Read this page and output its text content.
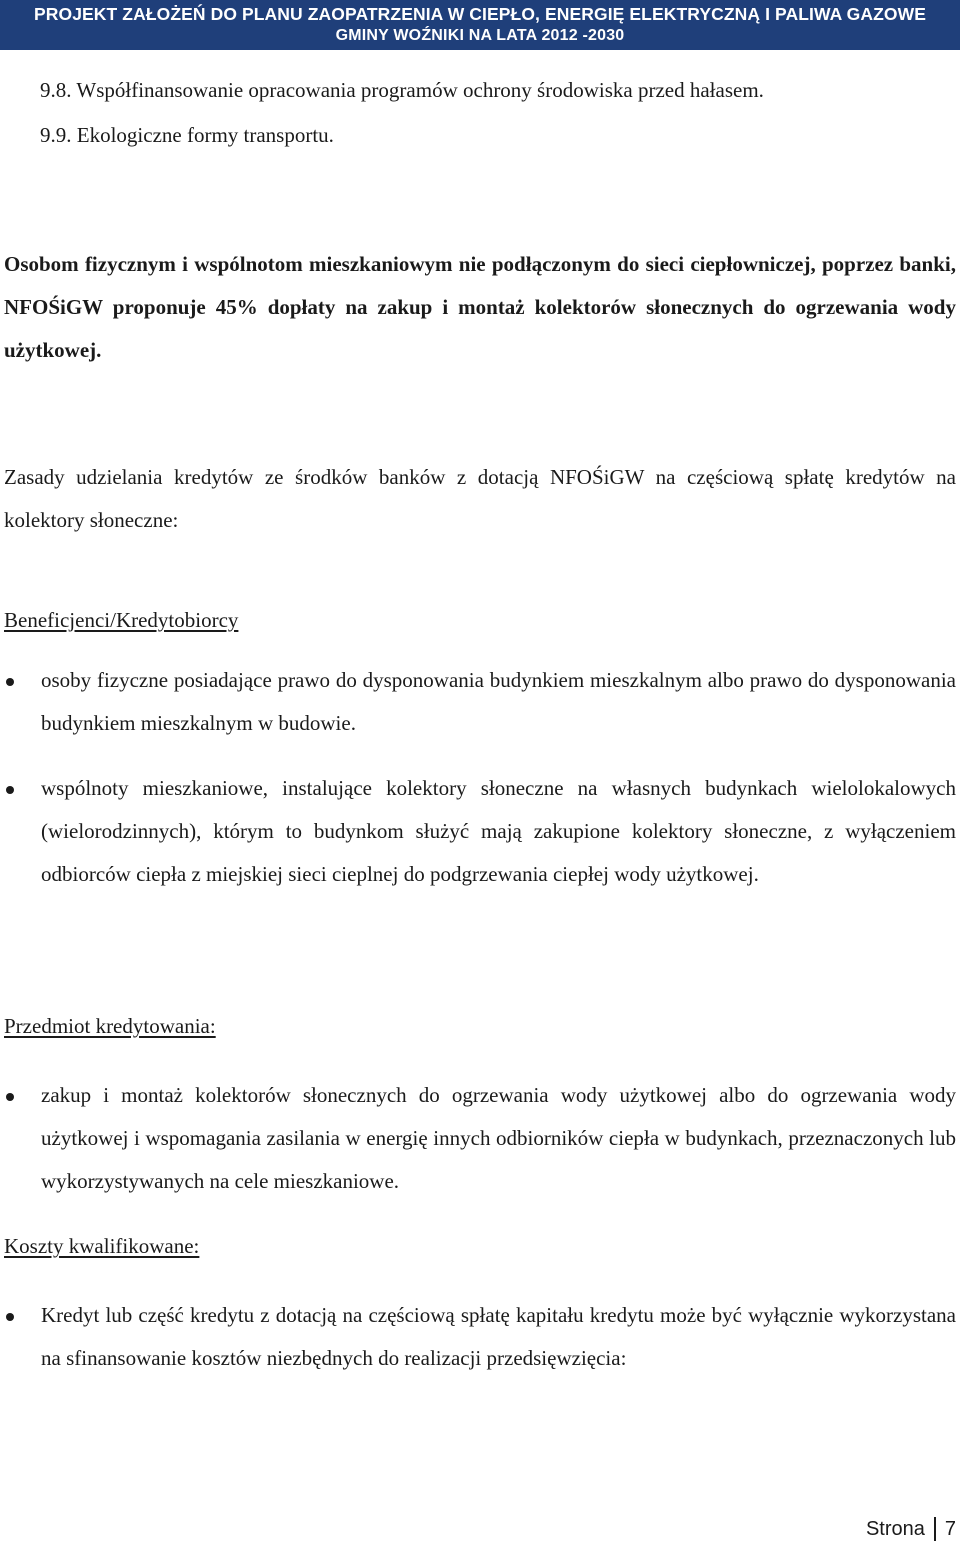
PROJEKT ZAŁOŻEŃ DO PLANU ZAOPATRZENIA W CIEPŁO, ENERGIĘ ELEKTRYCZNĄ I PALIWA GAZOWE
GMINY WOŹNIKI NA LATA 2012 -2030
9.8. Współfinansowanie opracowania programów ochrony środowiska przed hałasem.
9.9. Ekologiczne formy transportu.
Osobom fizycznym i wspólnotom mieszkaniowym nie podłączonym do sieci ciepłowniczej, poprzez banki, NFOŚiGW proponuje 45% dopłaty na zakup i montaż kolektorów słonecznych do ogrzewania wody użytkowej.
Zasady udzielania kredytów ze środków banków z dotacją NFOŚiGW na częściową spłatę kredytów na kolektory słoneczne:
Beneficjenci/Kredytobiorcy
osoby fizyczne posiadające prawo do dysponowania budynkiem mieszkalnym albo prawo do dysponowania budynkiem mieszkalnym w budowie.
wspólnoty mieszkaniowe, instalujące kolektory słoneczne na własnych budynkach wielolokalowych (wielorodzinnych), którym to budynkom służyć mają zakupione kolektory słoneczne, z wyłączeniem odbiorców ciepła z miejskiej sieci cieplnej do podgrzewania ciepłej wody użytkowej.
Przedmiot kredytowania:
zakup i montaż kolektorów słonecznych do ogrzewania wody użytkowej albo do ogrzewania wody użytkowej i wspomagania zasilania w energię innych odbiorników ciepła w budynkach, przeznaczonych lub wykorzystywanych na cele mieszkaniowe.
Koszty kwalifikowane:
Kredyt lub część kredytu z dotacją na częściową spłatę kapitału kredytu może być wyłącznie wykorzystana na sfinansowanie kosztów niezbędnych do realizacji przedsięwzięcia:
Strona 7
